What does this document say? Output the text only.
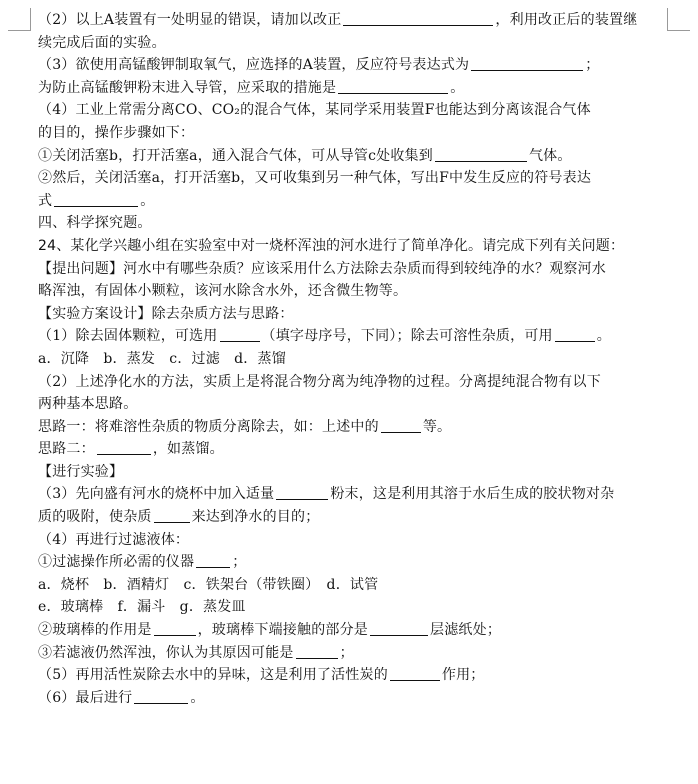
（2）以上A装置有一处明显的错误，请加以改正	，利用改正后的装置继
续完成后面的实验。
（3）欲使用高锰酸钾制取氧气，应选择的A装置，反应符号表达式为	；
为防止高锰酸钾粉末进入导管，应采取的措施是	。
（4）工业上常需分离CO、CO₂的混合气体，某同学采用装置F也能达到分离该混合气体
的目的，操作步骤如下：
①关闭活塞b，打开活塞a，通入混合气体，可从导管c处收集到	气体。
②然后，关闭活塞a，打开活塞b，又可收集到另一种气体，写出F中发生反应的符号表达
式	。
四、科学探究题。
24、某化学兴趣小组在实验室中对一烧杯浑浊的河水进行了简单净化。请完成下列有关问题：
【提出问题】河水中有哪些杂质？应该采用什么方法除去杂质而得到较纯净的水？观察河水
略浑浊，有固体小颗粒，该河水除含水外，还含微生物等。
【实验方案设计】除去杂质方法与思路：
（1）除去固体颗粒，可选用	（填字母序号，下同）；除去可溶性杂质，可用	。
a．沉降　b．蒸发　c．过滤　d．蒸馏
（2）上述净化水的方法，实质上是将混合物分离为纯净物的过程。分离提纯混合物有以下
两种基本思路。
思路一：将难溶性杂质的物质分离除去，如：上述中的	等。
思路二：	，如蒸馏。
【进行实验】
（3）先向盛有河水的烧杯中加入适量	粉末，这是利用其溶于水后生成的胶状物对杂
质的吸附，使杂质	来达到净水的目的；
（4）再进行过滤液体：
①过滤操作所必需的仪器	；
a．烧杯　b．酒精灯　c．铁架台（带铁圈）　d．试管
e．玻璃棒　f．漏斗　g．蒸发皿
②玻璃棒的作用是	，玻璃棒下端接触的部分是	层滤纸处；
③若滤液仍然浑浊，你认为其原因可能是	；
（5）再用活性炭除去水中的异味，这是利用了活性炭的	作用；
（6）最后进行	。
